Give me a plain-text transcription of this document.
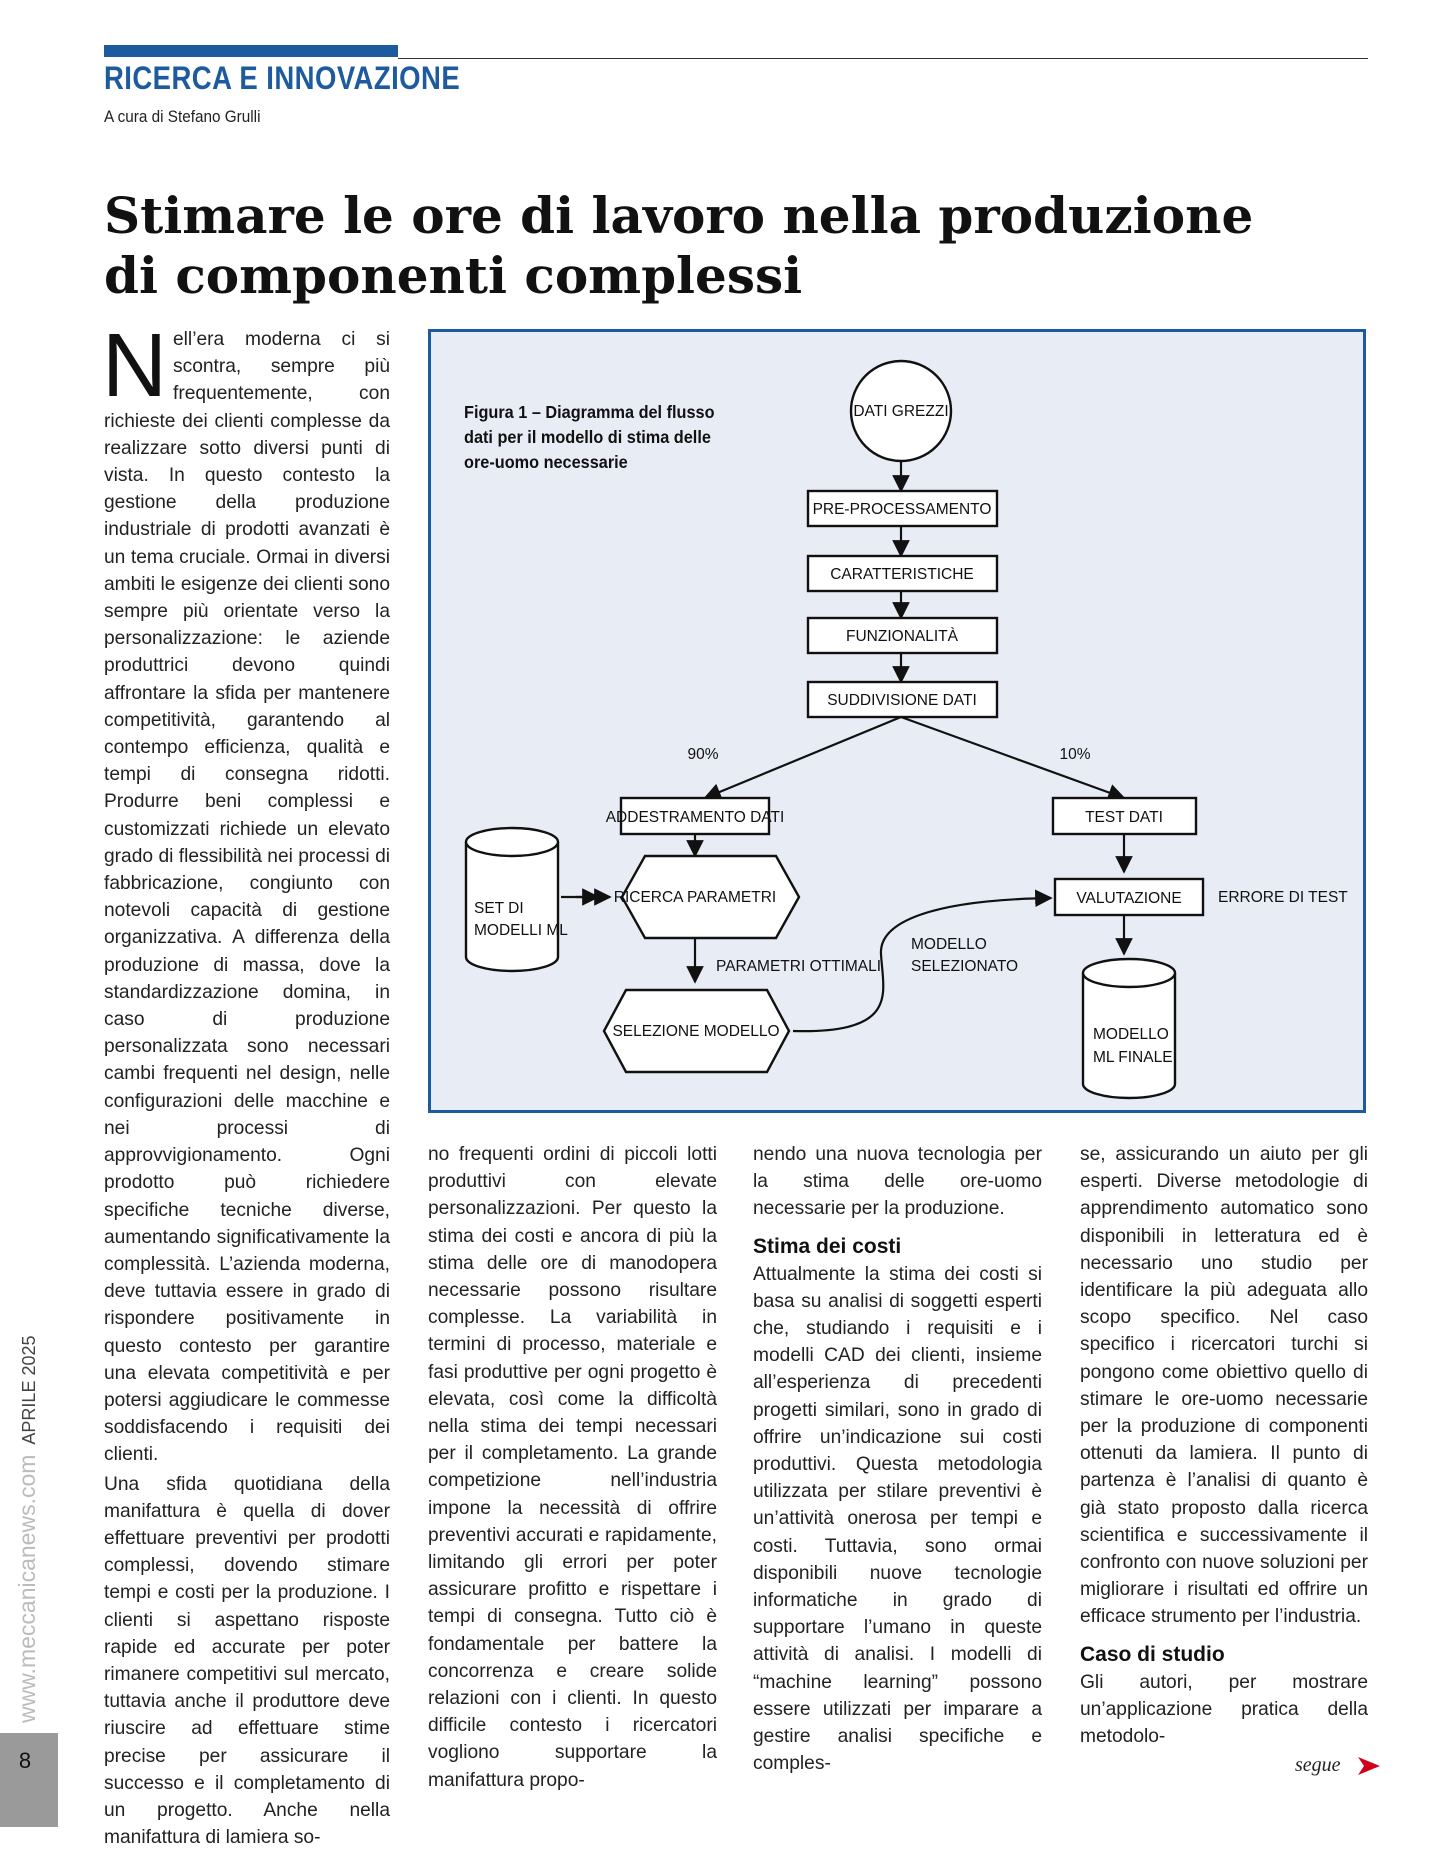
RICERCA E INNOVAZIONE
A cura di Stefano Grulli
Stimare le ore di lavoro nella produzione
di componenti complessi

Nell’era moderna ci si scontra, sempre più frequentemente, con richieste dei clienti complesse da realizzare sotto diversi punti di vista. In questo contesto la gestione della produzione industriale di prodotti avanzati è un tema cruciale. Ormai in diversi ambiti le esigenze dei clienti sono sempre più orientate verso la personalizzazione: le aziende produttrici devono quindi affrontare la sfida per mantenere competitività, garantendo al contempo efficienza, qualità e tempi di consegna ridotti. Produrre beni complessi e customizzati richiede un elevato grado di flessibilità nei processi di fabbricazione, congiunto con notevoli capacità di gestione organizzativa. A differenza della produzione di massa, dove la standardizzazione domina, in caso di produzione personalizzata sono necessari cambi frequenti nel design, nelle configurazioni delle macchine e nei processi di approvvigionamento. Ogni prodotto può richiedere specifiche tecniche diverse, aumentando significativamente la complessità. L’azienda moderna, deve tuttavia essere in grado di rispondere positivamente in questo contesto per garantire una elevata competitività e per potersi aggiudicare le commesse soddisfacendo i requisiti dei clienti.

Una sfida quotidiana della manifattura è quella di dover effettuare preventivi per prodotti complessi, dovendo stimare tempi e costi per la produzione. I clienti si aspettano risposte rapide ed accurate per poter rimanere competitivi sul mercato, tuttavia anche il produttore deve riuscire ad effettuare stime precise per assicurare il successo e il completamento di un progetto. Anche nella manifattura di lamiera so-

Figura 1 – Diagramma del flusso dati per il modello di stima delle ore-uomo necessarie

DATI GREZZI
PRE-PROCESSAMENTO
CARATTERISTICHE
FUNZIONALITÀ
SUDDIVISIONE DATI
ADDESTRAMENTO DATI	TEST DATI
VALUTAZIONE
RICERCA PARAMETRI
SELEZIONE MODELLO
SET DI
MODELLI ML
MODELLO
ML FINALE
90%	10%
PARAMETRI OTTIMALI
MODELLO
SELEZIONATO
ERRORE DI TEST

no frequenti ordini di piccoli lotti produttivi con elevate personalizzazioni. Per questo la stima dei costi e ancora di più la stima delle ore di manodopera necessarie possono risultare complesse. La variabilità in termini di processo, materiale e fasi produttive per ogni progetto è elevata, così come la difficoltà nella stima dei tempi necessari per il completamento. La grande competizione nell’industria impone la necessità di offrire preventivi accurati e rapidamente, limitando gli errori per poter assicurare profitto e rispettare i tempi di consegna. Tutto ciò è fondamentale per battere la concorrenza e creare solide relazioni con i clienti. In questo difficile contesto i ricercatori vogliono supportare la manifattura propo-

nendo una nuova tecnologia per la stima delle ore-uomo necessarie per la produzione.

Stima dei costi

Attualmente la stima dei costi si basa su analisi di soggetti esperti che, studiando i requisiti e i modelli CAD dei clienti, insieme all’esperienza di precedenti progetti similari, sono in grado di offrire un’indicazione sui costi produttivi. Questa metodologia utilizzata per stilare preventivi è un’attività onerosa per tempi e costi. Tuttavia, sono ormai disponibili nuove tecnologie informatiche in grado di supportare l’umano in queste attività di analisi. I modelli di “machine learning” possono essere utilizzati per imparare a gestire analisi specifiche e comples-

se, assicurando un aiuto per gli esperti. Diverse metodologie di apprendimento automatico sono disponibili in letteratura ed è necessario uno studio per identificare la più adeguata allo scopo specifico. Nel caso specifico i ricercatori turchi si pongono come obiettivo quello di stimare le ore-uomo necessarie per la produzione di componenti ottenuti da lamiera. Il punto di partenza è l’analisi di quanto è già stato proposto dalla ricerca scientifica e successivamente il confronto con nuove soluzioni per migliorare i risultati ed offrire un efficace strumento per l’industria.

Caso di studio

Gli autori, per mostrare un’applicazione pratica della metodolo-

www.meccanicanews.comAPRILE 2025
8	segue
